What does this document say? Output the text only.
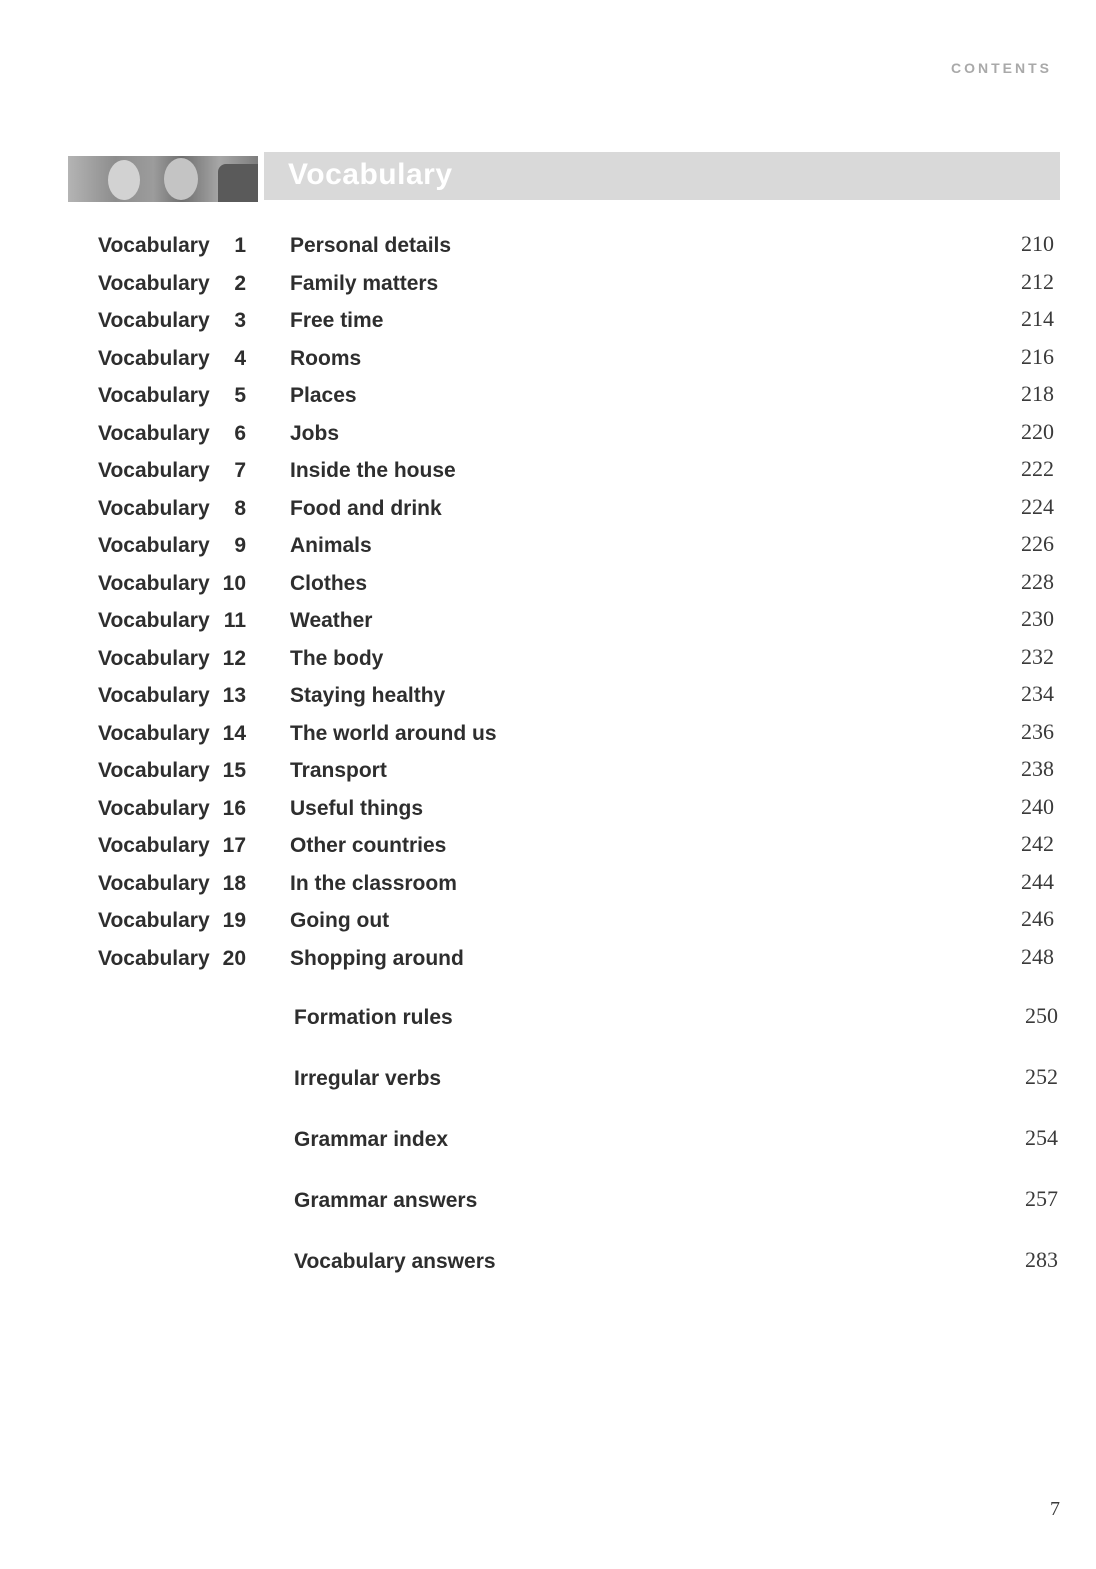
CONTENTS
Vocabulary
Vocabulary 1 Personal details	210
Vocabulary 2 Family matters	212
Vocabulary 3 Free time	214
Vocabulary 4 Rooms	216
Vocabulary 5 Places	218
Vocabulary 6 Jobs	220
Vocabulary 7 Inside the house	222
Vocabulary 8 Food and drink	224
Vocabulary 9 Animals	226
Vocabulary 10 Clothes	228
Vocabulary 11 Weather	230
Vocabulary 12 The body	232
Vocabulary 13 Staying healthy	234
Vocabulary 14 The world around us	236
Vocabulary 15 Transport	238
Vocabulary 16 Useful things	240
Vocabulary 17 Other countries	242
Vocabulary 18 In the classroom	244
Vocabulary 19 Going out	246
Vocabulary 20 Shopping around	248
Formation rules	250
Irregular verbs	252
Grammar index	254
Grammar answers	257
Vocabulary answers	283
7
